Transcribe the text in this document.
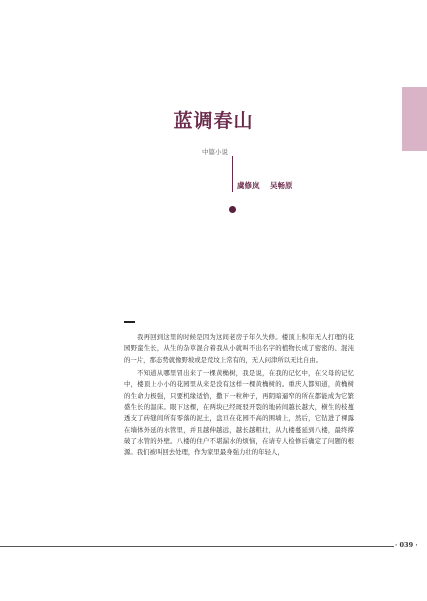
蓝调春山
中篇小说
虞修岚    吴畅原

我再回到这里的时候是因为这间老房子年久失修。楼顶上积年无人打理的花园野蛮生长，从生的杂草混合着我从小就叫不出名字的植物长成了密密的、混沌的一片，那态势就像野坡或是荒坟上常有的，无人问津所以无比自由。

不知道从哪里冒出来了一棵黄桷树，我是说，在我的记忆中，在父母的记忆中，楼顶上小小的花园里从来是没有这样一棵黄桷树的。重庆人都知道，黄桷树的生命力极强，只要机缘适恰，撒下一粒种子，再阴暗逼窄的所在都能成为它繁盛生长的温床。眼下这棵，在两块已经斑驳开裂的地砖间越长越大，横生的枝蔓透支了砖缝间所有零落的泥土，盘亘在花园不高的围墙上，然后，它钻进了裸露在墙体外延的水管里，并且越伸越远，越长越粗壮，从九楼蔓延到八楼，最终撑破了水管的外壁。八楼的住户不堪漏水的烦恼，在请专人检修后确定了问题的根源。我们被叫回去处理，作为家里最身强力壮的年轻人，

· 039 ·
